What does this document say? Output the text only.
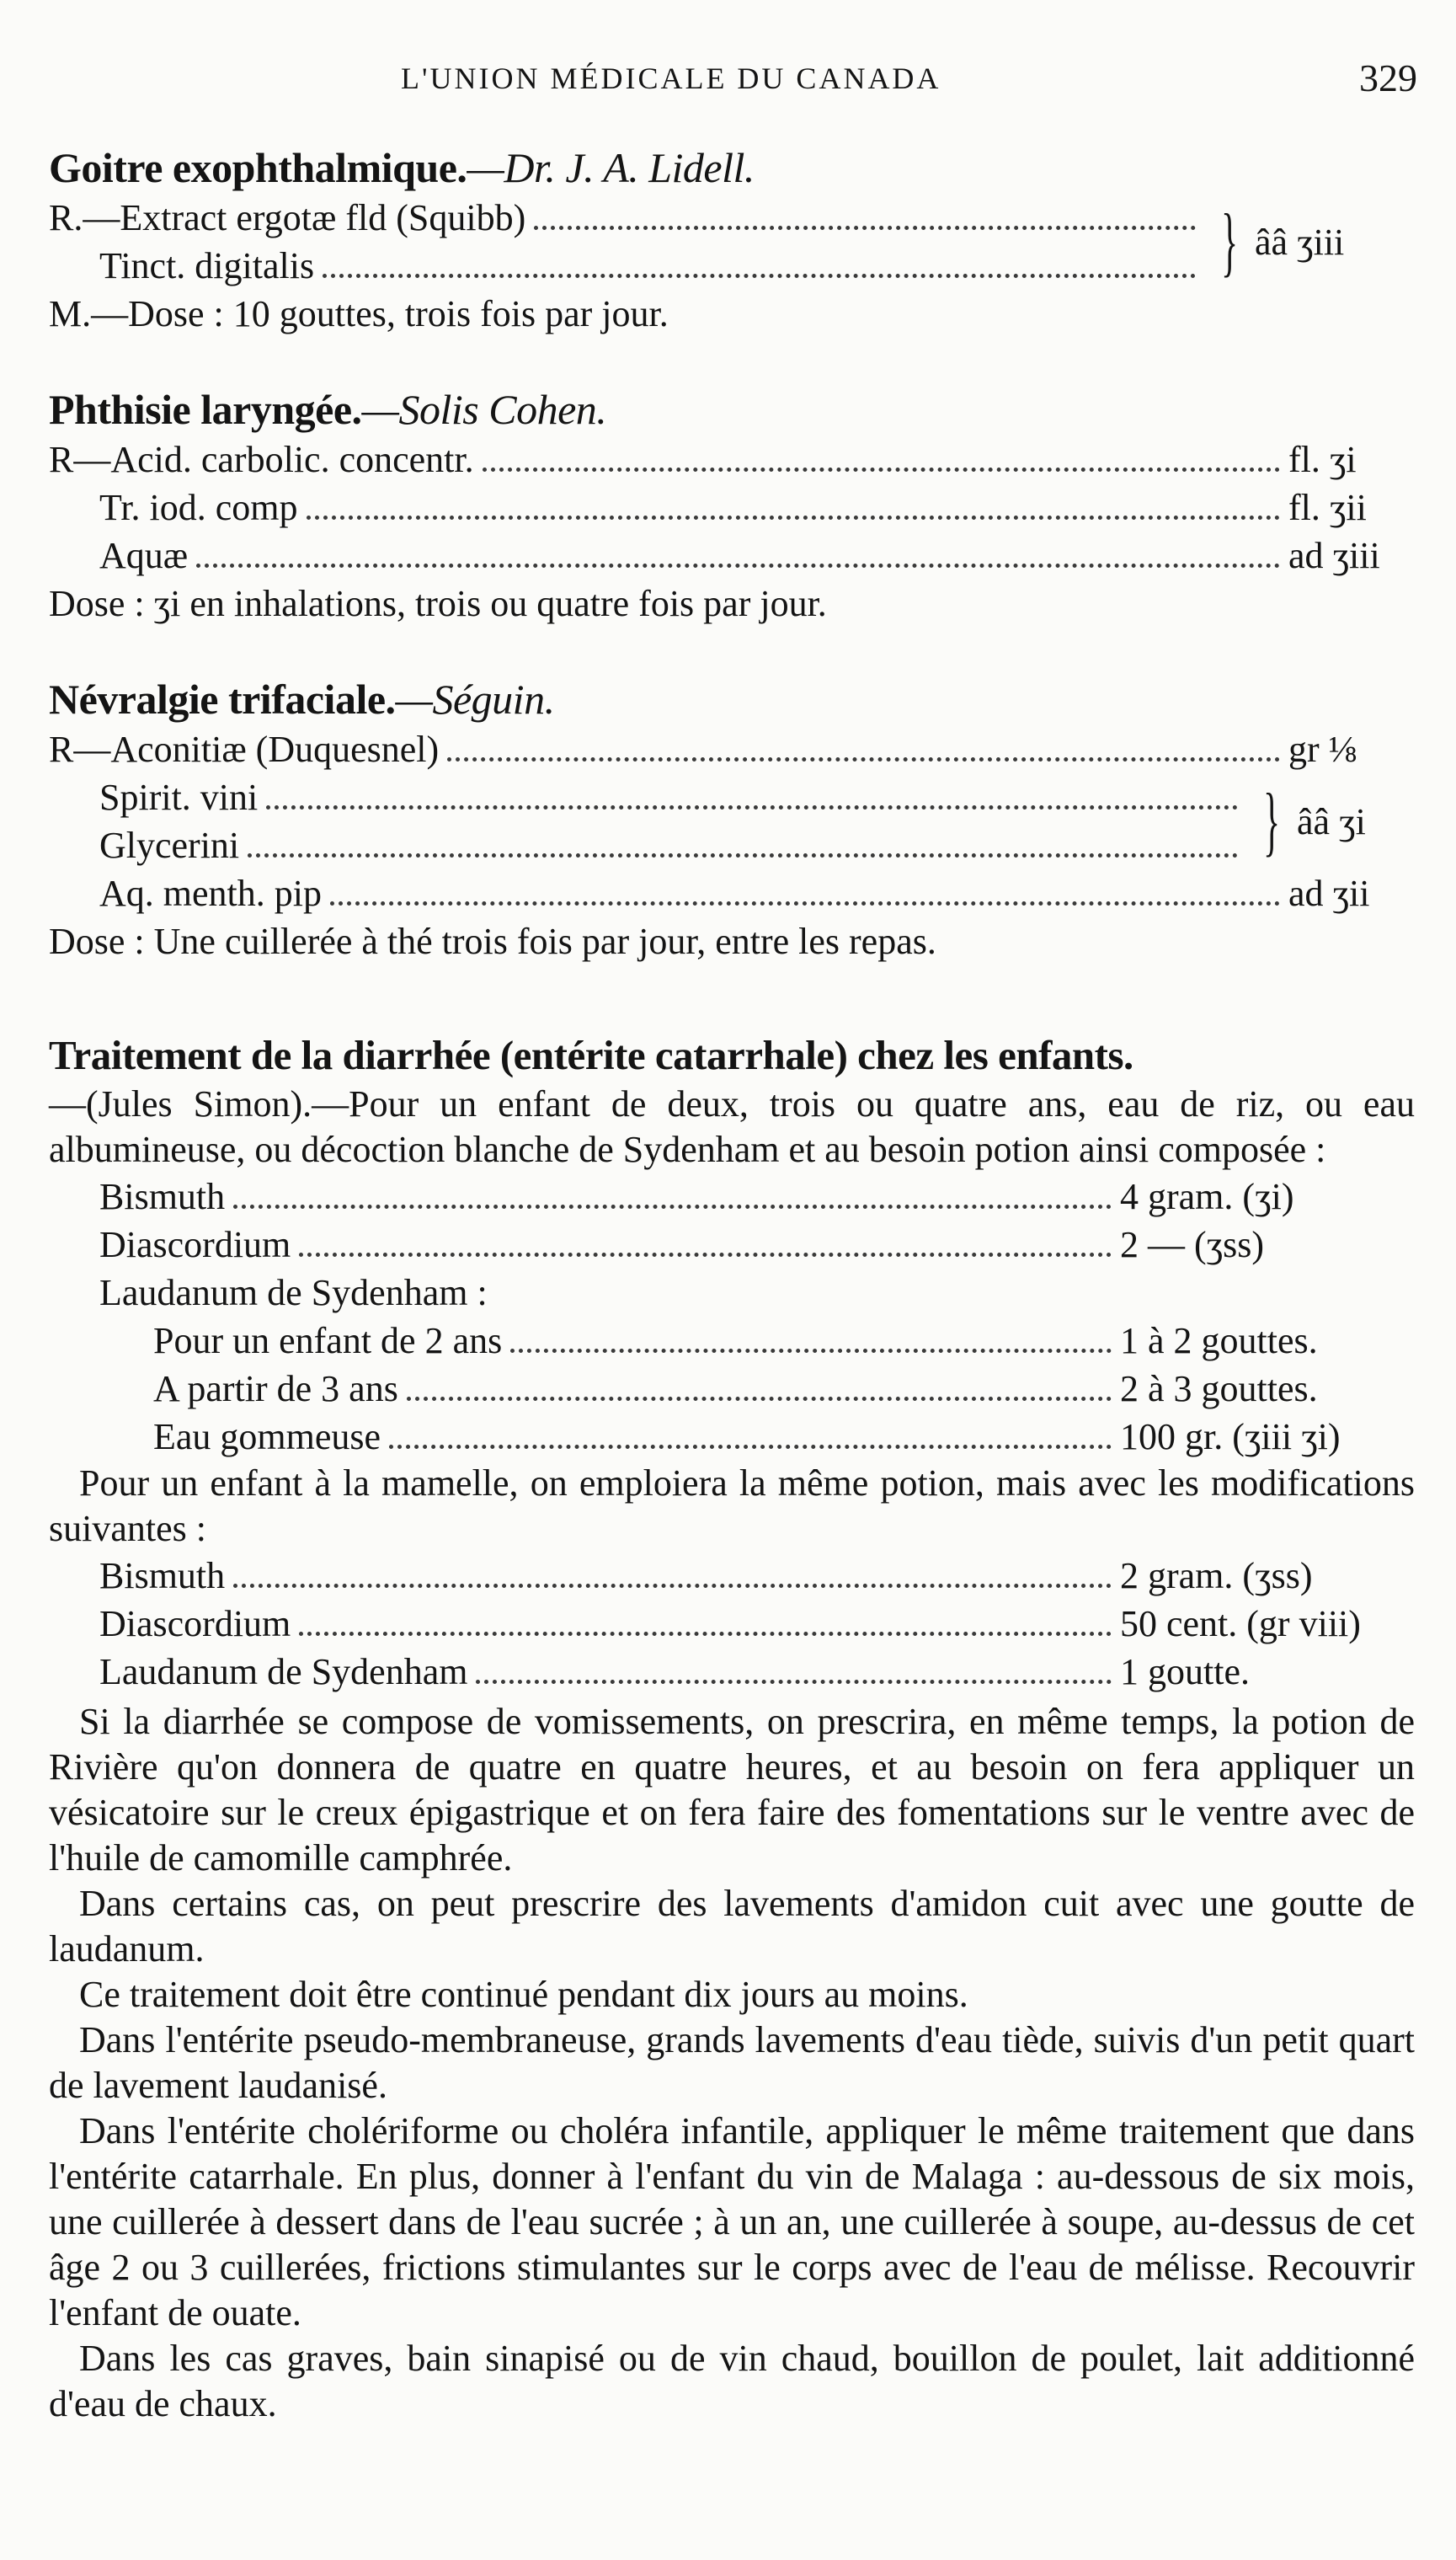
L'UNION MÉDICALE DU CANADA	329
Goitre exophthalmique.—Dr. J. A. Lidell.
R.—Extract ergotæ fld (Squibb)
Tinct. digitalis	} ââ ʒiii
M.—Dose : 10 gouttes, trois fois par jour.
Phthisie laryngée.—Solis Cohen.
R—Acid. carbolic. concentr.	fl. ʒi
Tr. iod. comp	fl. ʒii
Aquæ	ad ʒiii
Dose : ʒi en inhalations, trois ou quatre fois par jour.
Névralgie trifaciale.—Séguin.
R—Aconitiæ (Duquesnel)	gr ⅛
Spirit. vini
Glycerini	} ââ ʒi
Aq. menth. pip	ad ʒii
Dose : Une cuillerée à thé trois fois par jour, entre les repas.
Traitement de la diarrhée (entérite catarrhale) chez les enfants.

—(Jules Simon).—Pour un enfant de deux, trois ou quatre ans, eau de riz, ou eau albumineuse, ou décoction blanche de Sydenham et au besoin potion ainsi composée :

Bismuth	4 gram. (ʒi)
Diascordium	2 — (ʒss)
Laudanum de Sydenham :
Pour un enfant de 2 ans	1 à 2 gouttes.
A partir de 3 ans	2 à 3 gouttes.
Eau gommeuse	100 gr. (ʒiii ʒi)

Pour un enfant à la mamelle, on emploiera la même potion, mais avec les modifications suivantes :

Bismuth	2 gram. (ʒss)
Diascordium	50 cent. (gr viii)
Laudanum de Sydenham	1 goutte.

Si la diarrhée se compose de vomissements, on prescrira, en même temps, la potion de Rivière qu'on donnera de quatre en quatre heures, et au besoin on fera appliquer un vésicatoire sur le creux épigastrique et on fera faire des fomentations sur le ventre avec de l'huile de camomille camphrée.

Dans certains cas, on peut prescrire des lavements d'amidon cuit avec une goutte de laudanum.

Ce traitement doit être continué pendant dix jours au moins.

Dans l'entérite pseudo-membraneuse, grands lavements d'eau tiède, suivis d'un petit quart de lavement laudanisé.

Dans l'entérite cholériforme ou choléra infantile, appliquer le même traitement que dans l'entérite catarrhale. En plus, donner à l'enfant du vin de Malaga : au-dessous de six mois, une cuillerée à dessert dans de l'eau sucrée ; à un an, une cuillerée à soupe, au-dessus de cet âge 2 ou 3 cuillerées, frictions stimulantes sur le corps avec de l'eau de mélisse. Recouvrir l'enfant de ouate.

Dans les cas graves, bain sinapisé ou de vin chaud, bouillon de poulet, lait additionné d'eau de chaux.
